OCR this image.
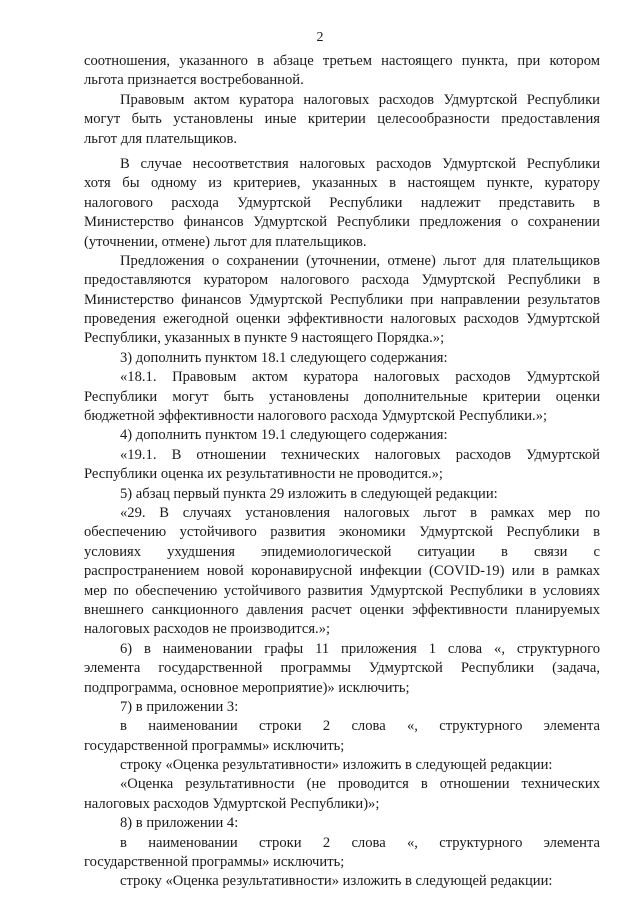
2
соотношения, указанного в абзаце третьем настоящего пункта, при котором
льгота признается востребованной.
Правовым актом куратора налоговых расходов Удмуртской Республики
могут быть установлены иные критерии целесообразности предоставления
льгот для плательщиков.
В случае несоответствия налоговых расходов Удмуртской Республики
хотя бы одному из критериев, указанных в настоящем пункте, куратору
налогового расхода Удмуртской Республики надлежит представить в
Министерство финансов Удмуртской Республики предложения о сохранении
(уточнении, отмене) льгот для плательщиков.
Предложения о сохранении (уточнении, отмене) льгот для плательщиков
предоставляются куратором налогового расхода Удмуртской Республики в
Министерство финансов Удмуртской Республики при направлении результатов
проведения ежегодной оценки эффективности налоговых расходов Удмуртской
Республики, указанных в пункте 9 настоящего Порядка.»;
3) дополнить пунктом 18.1 следующего содержания:
«18.1. Правовым актом куратора налоговых расходов Удмуртской
Республики могут быть установлены дополнительные критерии оценки
бюджетной эффективности налогового расхода Удмуртской Республики.»;
4) дополнить пунктом 19.1 следующего содержания:
«19.1. В отношении технических налоговых расходов Удмуртской
Республики оценка их результативности не проводится.»;
5) абзац первый пункта 29 изложить в следующей редакции:
«29. В случаях установления налоговых льгот в рамках мер по
обеспечению устойчивого развития экономики Удмуртской Республики в
условиях ухудшения эпидемиологической ситуации в связи с
распространением новой коронавирусной инфекции (COVID-19) или в рамках
мер по обеспечению устойчивого развития Удмуртской Республики в условиях
внешнего санкционного давления расчет оценки эффективности планируемых
налоговых расходов не производится.»;
6) в наименовании графы 11 приложения 1 слова «, структурного
элемента государственной программы Удмуртской Республики (задача,
подпрограмма, основное мероприятие)» исключить;
7) в приложении 3:
в наименовании строки 2 слова «, структурного элемента
государственной программы» исключить;
строку «Оценка результативности» изложить в следующей редакции:
«Оценка результативности (не проводится в отношении технических
налоговых расходов Удмуртской Республики)»;
8) в приложении 4:
в наименовании строки 2 слова «, структурного элемента
государственной программы» исключить;
строку «Оценка результативности» изложить в следующей редакции:
